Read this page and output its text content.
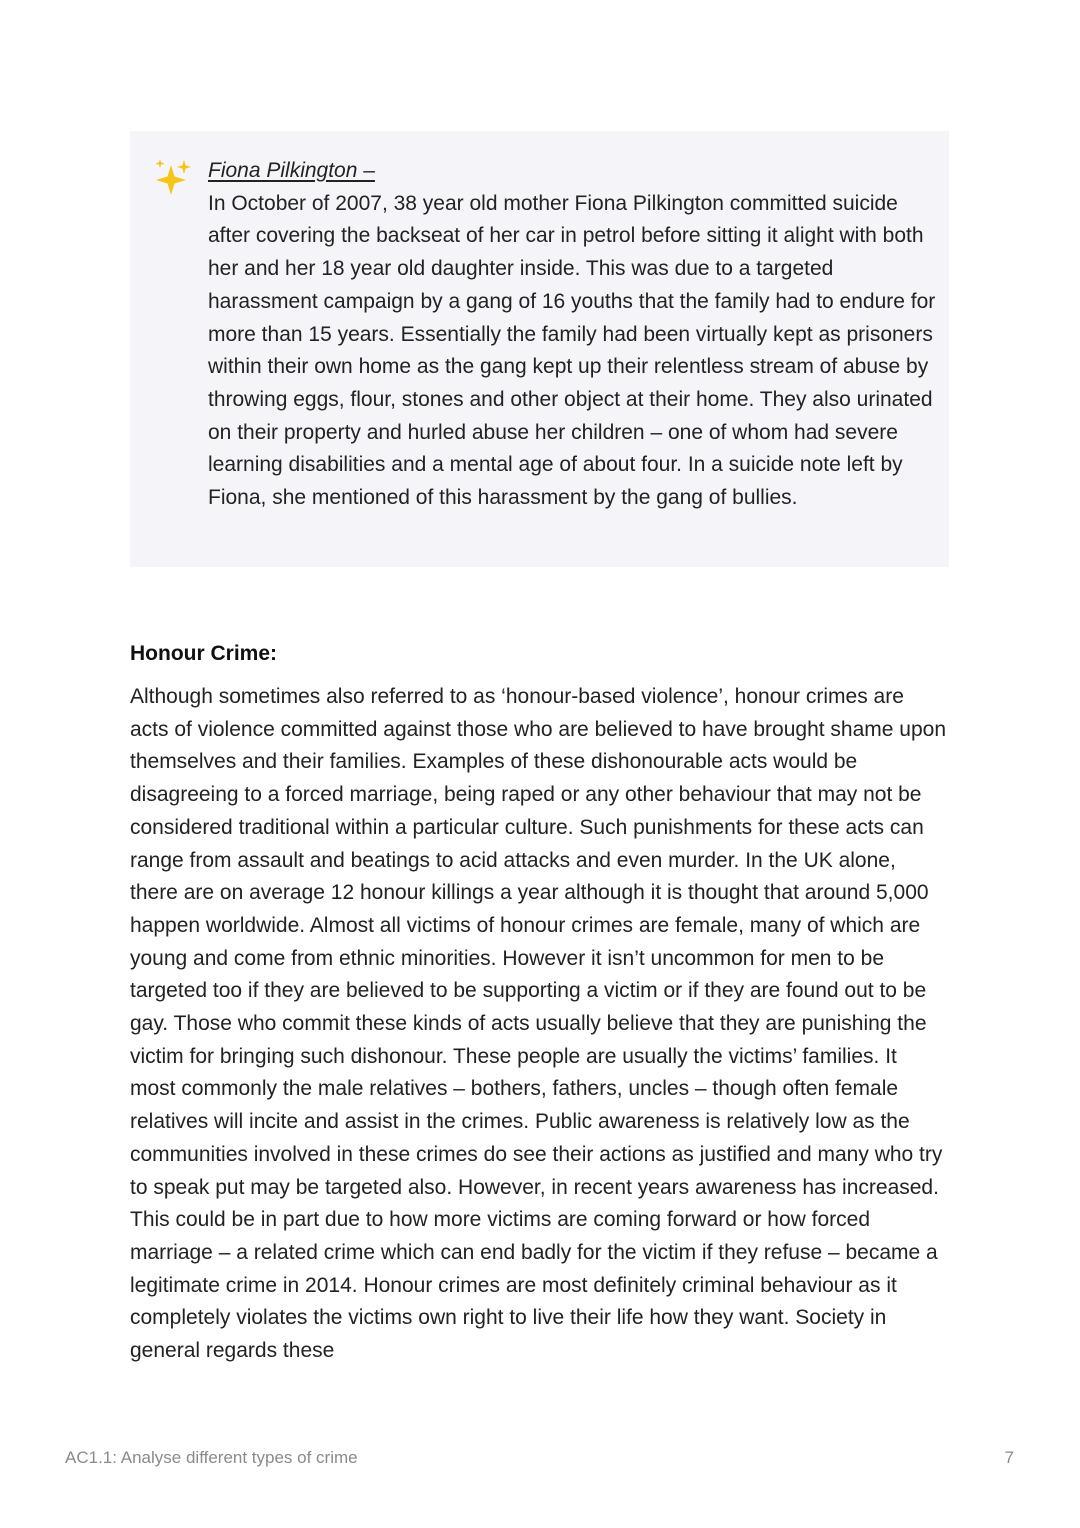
Fiona Pilkington –

In October of 2007, 38 year old mother Fiona Pilkington committed suicide after covering the backseat of her car in petrol before sitting it alight with both her and her 18 year old daughter inside. This was due to a targeted harassment campaign by a gang of 16 youths that the family had to endure for more than 15 years. Essentially the family had been virtually kept as prisoners within their own home as the gang kept up their relentless stream of abuse by throwing eggs, flour, stones and other object at their home. They also urinated on their property and hurled abuse her children – one of whom had severe learning disabilities and a mental age of about four. In a suicide note left by Fiona, she mentioned of this harassment by the gang of bullies.

Honour Crime:

Although sometimes also referred to as ‘honour-based violence’, honour crimes are acts of violence committed against those who are believed to have brought shame upon themselves and their families. Examples of these dishonourable acts would be disagreeing to a forced marriage, being raped or any other behaviour that may not be considered traditional within a particular culture. Such punishments for these acts can range from assault and beatings to acid attacks and even murder. In the UK alone, there are on average 12 honour killings a year although it is thought that around 5,000 happen worldwide. Almost all victims of honour crimes are female, many of which are young and come from ethnic minorities. However it isn’t uncommon for men to be targeted too if they are believed to be supporting a victim or if they are found out to be gay. Those who commit these kinds of acts usually believe that they are punishing the victim for bringing such dishonour. These people are usually the victims’ families. It most commonly the male relatives – bothers, fathers, uncles – though often female relatives will incite and assist in the crimes. Public awareness is relatively low as the communities involved in these crimes do see their actions as justified and many who try to speak put may be targeted also. However, in recent years awareness has increased. This could be in part due to how more victims are coming forward or how forced marriage – a related crime which can end badly for the victim if they refuse – became a legitimate crime in 2014. Honour crimes are most definitely criminal behaviour as it completely violates the victims own right to live their life how they want. Society in general regards these

AC1.1: Analyse different types of crime	7
